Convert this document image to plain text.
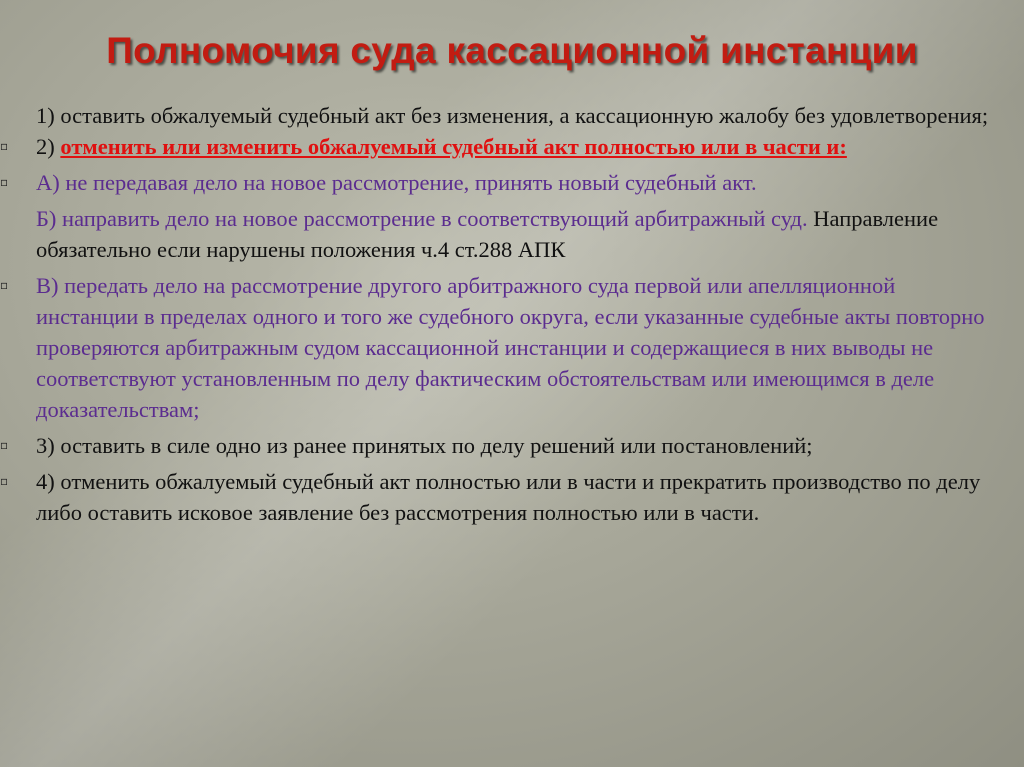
Полномочия суда кассационной инстанции

1) оставить обжалуемый судебный акт без изменения, а кассационную жалобу без удовлетворения;

▫ 2) отменить или изменить обжалуемый судебный акт полностью или в части и:

▫ А) не передавая дело на новое рассмотрение, принять новый судебный акт.

Б) направить дело на новое рассмотрение в соответствующий арбитражный суд. Направление обязательно если нарушены положения ч.4 ст.288 АПК

▫ В) передать дело на рассмотрение другого арбитражного суда первой или апелляционной инстанции в пределах одного и того же судебного округа, если указанные судебные акты повторно проверяются арбитражным судом кассационной инстанции и содержащиеся в них выводы не соответствуют установленным по делу фактическим обстоятельствам или имеющимся в деле доказательствам;

▫ 3) оставить в силе одно из ранее принятых по делу решений или постановлений;

▫ 4) отменить обжалуемый судебный акт полностью или в части и прекратить производство по делу либо оставить исковое заявление без рассмотрения полностью или в части.
